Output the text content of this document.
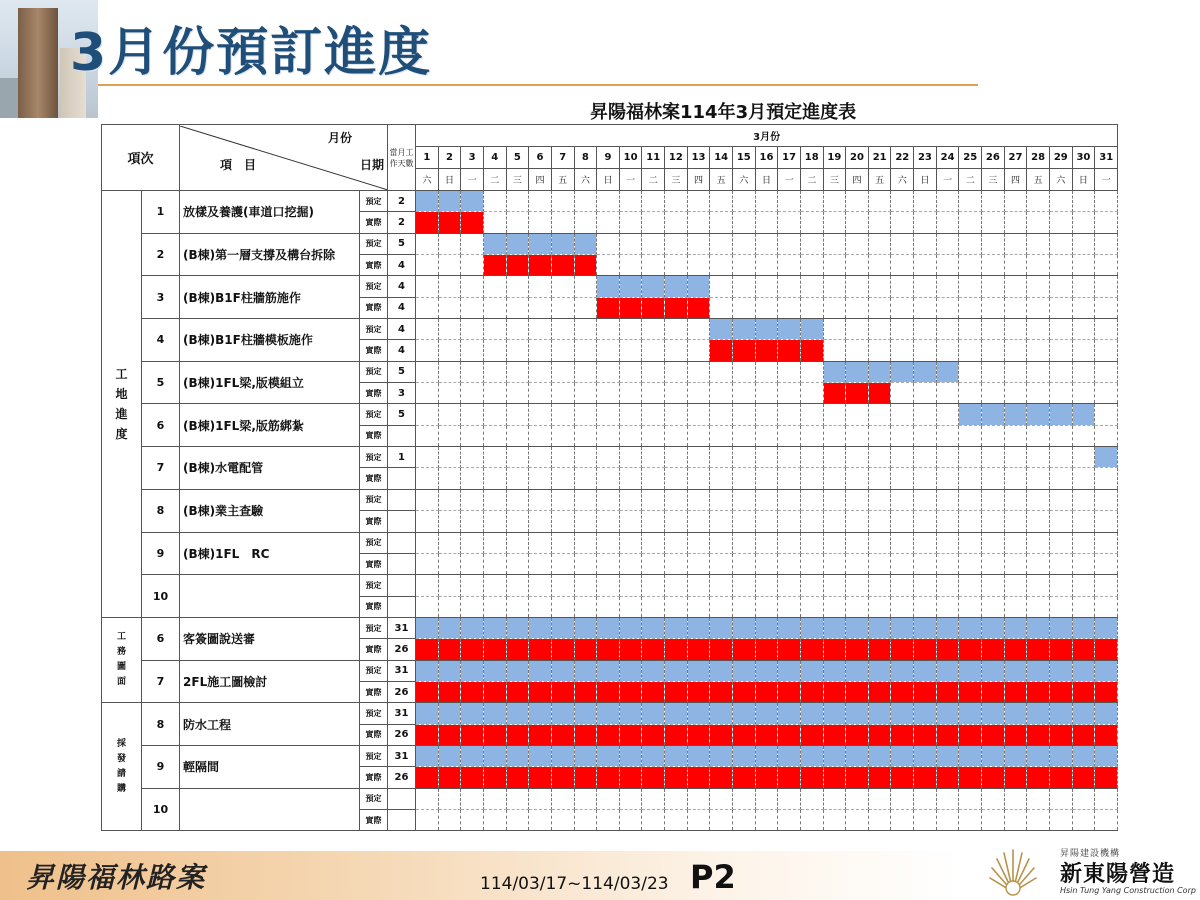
3月份預訂進度
昇陽福林案114年3月預定進度表
項次		月份
項　目 日期		當月工作天數	3月份																														
					1	2	3	4	5	6	7	8	9	10	11	12	13	14	15	16	17	18	19	20	21	22	23	24	25	26	27	28	29	30	31
					六	日	一	二	三	四	五	六	日	一	二	三	四	五	六	日	一	二	三	四	五	六	日	一	二	三	四	五	六	日	一

工地進度	1	放樣及養護(車道口挖掘)	預定	2																															
			實際	2																															
	2	(B棟)第一層支撐及構台拆除	預定	5																															
			實際	4																															
	3	(B棟)B1F柱牆筋施作	預定	4																															
			實際	4																															
	4	(B棟)B1F柱牆模板施作	預定	4																															
			實際	4																															
	5	(B棟)1FL梁,版模組立	預定	5																															
			實際	3																															
	6	(B棟)1FL梁,版筋綁紮	預定	5																															
			實際																																
	7	(B棟)水電配管	預定	1																															
			實際																																
	8	(B棟)業主查驗	預定																																
			實際																																
	9	(B棟)1FL　RC	預定																																
			實際																																
	10		預定																																
			實際																																

工務圖面	6	客簽圖說送審	預定	31																															
			實際	26																															
	7	2FL施工圖檢討	預定	31																															
			實際	26																															

採發請購	8	防水工程	預定	31																															
			實際	26																															
	9	輕隔間	預定	31																															
			實際	26																															
	10		預定																																
			實際																																
昇陽福林路案	114/03/17~114/03/23 P2
昇陽建設機構
新東陽營造
Hsin Tung Yang Construction Corp
